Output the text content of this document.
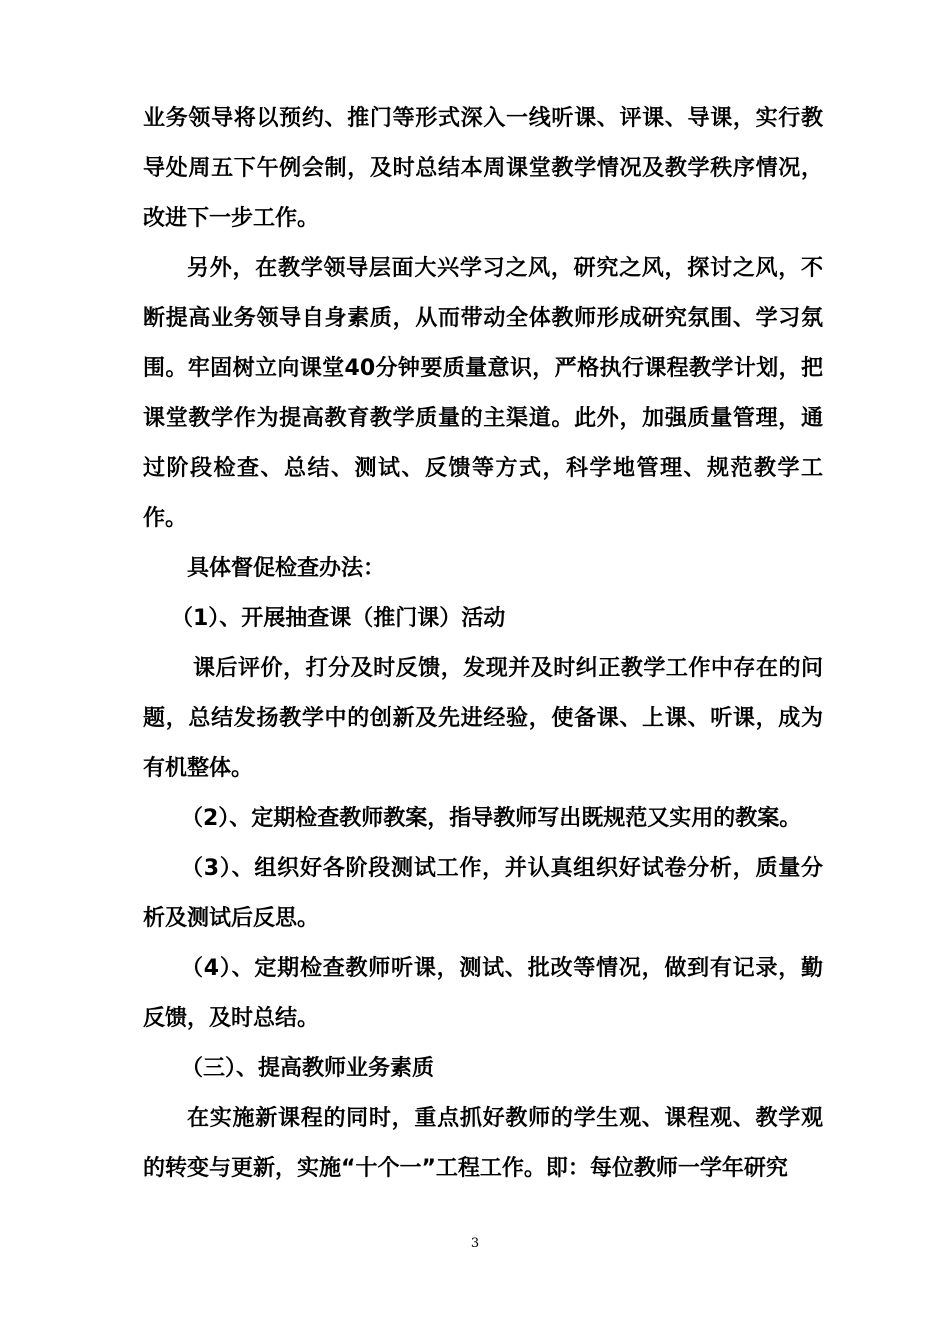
业务领导将以预约、推门等形式深入一线听课、评课、导课，实行教导处周五下午例会制，及时总结本周课堂教学情况及教学秩序情况，改进下一步工作。

另外，在教学领导层面大兴学习之风，研究之风，探讨之风，不断提高业务领导自身素质，从而带动全体教师形成研究氛围、学习氛围。牢固树立向课堂40分钟要质量意识，严格执行课程教学计划，把课堂教学作为提高教育教学质量的主渠道。此外，加强质量管理，通过阶段检查、总结、测试、反馈等方式，科学地管理、规范教学工作。

具体督促检查办法：

（1）、开展抽查课（推门课）活动

课后评价，打分及时反馈，发现并及时纠正教学工作中存在的问题，总结发扬教学中的创新及先进经验，使备课、上课、听课，成为有机整体。

（2）、定期检查教师教案，指导教师写出既规范又实用的教案。

（3）、组织好各阶段测试工作，并认真组织好试卷分析，质量分析及测试后反思。

（4）、定期检查教师听课，测试、批改等情况，做到有记录，勤反馈，及时总结。

（三）、提高教师业务素质

在实施新课程的同时，重点抓好教师的学生观、课程观、教学观的转变与更新，实施“十个一”工程工作。即：每位教师一学年研究

3
